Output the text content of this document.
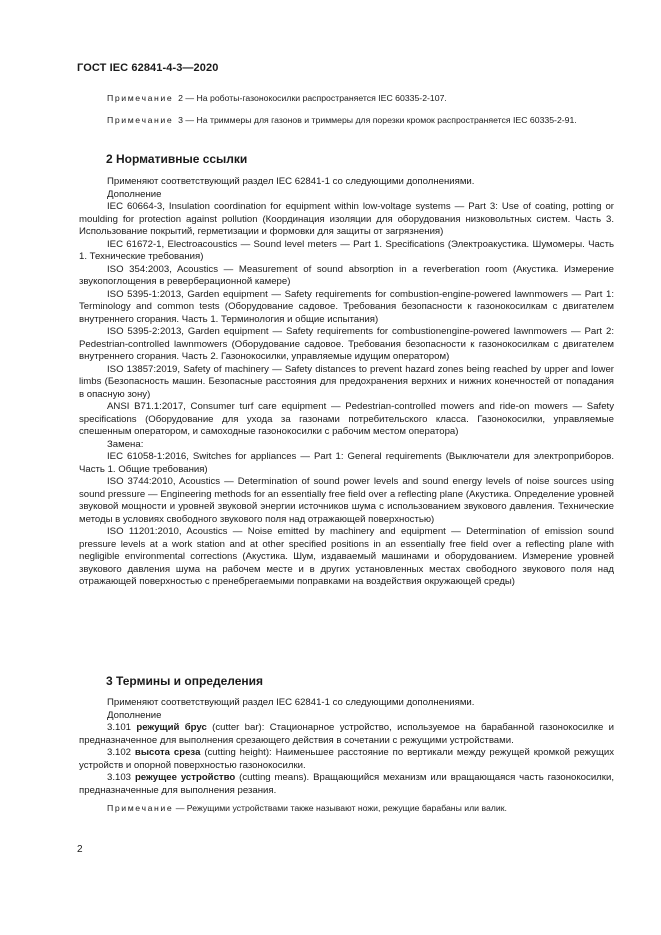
ГОСТ IEC 62841-4-3—2020

Примечание 2 — На роботы-газонокосилки распространяется IEC 60335-2-107.

Примечание 3 — На триммеры для газонов и триммеры для порезки кромок распространяется IEC 60335-2-91.

2 Нормативные ссылки

Применяют соответствующий раздел IEC 62841-1 со следующими дополнениями.

Дополнение

IEC 60664-3, Insulation coordination for equipment within low-voltage systems — Part 3: Use of coating, potting or moulding for protection against pollution (Координация изоляции для оборудования низковольтных систем. Часть 3. Использование покрытий, герметизации и формовки для защиты от загрязнения)

IEC 61672-1, Electroacoustics — Sound level meters — Part 1. Specifications (Электроакустика. Шумомеры. Часть 1. Технические требования)

ISO 354:2003, Acoustics — Measurement of sound absorption in a reverberation room (Акустика. Измерение звукопоглощения в реверберационной камере)

ISO 5395-1:2013, Garden equipment — Safety requirements for combustion-engine-powered lawnmowers — Part 1: Terminology and common tests (Оборудование садовое. Требования безопасности к газонокосилкам с двигателем внутреннего сгорания. Часть 1. Терминология и общие испытания)

ISO 5395-2:2013, Garden equipment — Safety requirements for combustionengine-powered lawnmowers — Part 2: Pedestrian-controlled lawnmowers (Оборудование садовое. Требования безопасности к газонокосилкам с двигателем внутреннего сгорания. Часть 2. Газонокосилки, управляемые идущим оператором)

ISO 13857:2019, Safety of machinery — Safety distances to prevent hazard zones being reached by upper and lower limbs (Безопасность машин. Безопасные расстояния для предохранения верхних и нижних конечностей от попадания в опасную зону)

ANSI B71.1:2017, Consumer turf care equipment — Pedestrian-controlled mowers and ride-on mowers — Safety specifications (Оборудование для ухода за газонами потребительского класса. Газонокосилки, управляемые спешенным оператором, и самоходные газонокосилки с рабочим местом оператора)

Замена:

IEC 61058-1:2016, Switches for appliances — Part 1: General requirements (Выключатели для электроприборов. Часть 1. Общие требования)

ISO 3744:2010, Acoustics — Determination of sound power levels and sound energy levels of noise sources using sound pressure — Engineering methods for an essentially free field over a reflecting plane (Акустика. Определение уровней звуковой мощности и уровней звуковой энергии источников шума с использованием звукового давления. Технические методы в условиях свободного звукового поля над отражающей поверхностью)

ISO 11201:2010, Acoustics — Noise emitted by machinery and equipment — Determination of emission sound pressure levels at a work station and at other specified positions in an essentially free field over a reflecting plane with negligible environmental corrections (Акустика. Шум, издаваемый машинами и оборудованием. Измерение уровней звукового давления шума на рабочем месте и в других установленных местах свободного звукового поля над отражающей поверхностью с пренебрегаемыми поправками на воздействия окружающей среды)

3 Термины и определения

Применяют соответствующий раздел IEC 62841-1 со следующими дополнениями.

Дополнение

3.101 режущий брус (cutter bar): Стационарное устройство, используемое на барабанной газонокосилке и предназначенное для выполнения срезающего действия в сочетании с режущими устройствами.

3.102 высота среза (cutting height): Наименьшее расстояние по вертикали между режущей кромкой режущих устройств и опорной поверхностью газонокосилки.

3.103 режущее устройство (cutting means). Вращающийся механизм или вращающаяся часть газонокосилки, предназначенные для выполнения резания.

Примечание — Режущими устройствами также называют ножи, режущие барабаны или валик.

2
